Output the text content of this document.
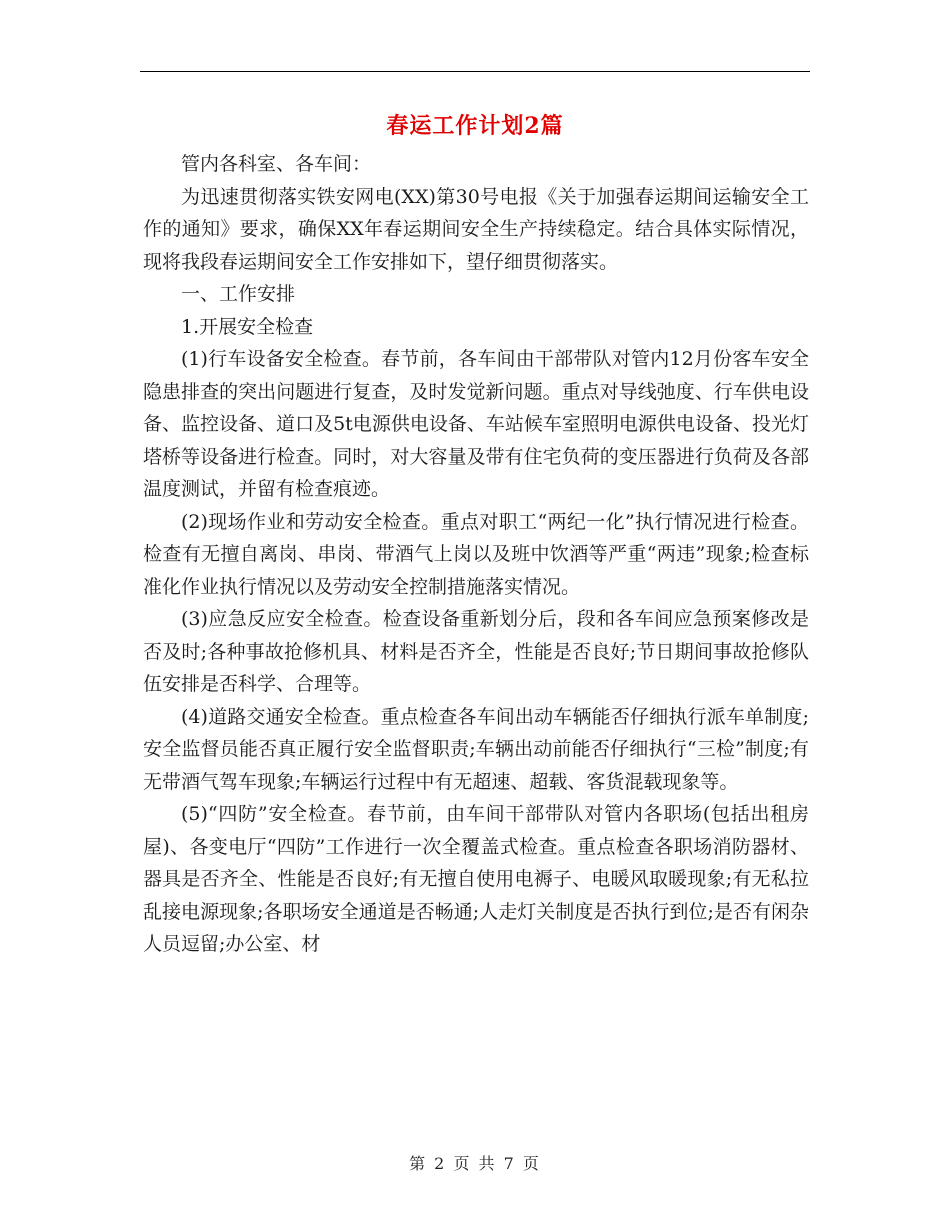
春运工作计划2篇

管内各科室、各车间：

为迅速贯彻落实铁安网电(XX)第30号电报《关于加强春运期间运输安全工作的通知》要求，确保XX年春运期间安全生产持续稳定。结合具体实际情况，现将我段春运期间安全工作安排如下，望仔细贯彻落实。

一、工作安排

1.开展安全检查

(1)行车设备安全检查。春节前，各车间由干部带队对管内12月份客车安全隐患排查的突出问题进行复查，及时发觉新问题。重点对导线弛度、行车供电设备、监控设备、道口及5t电源供电设备、车站候车室照明电源供电设备、投光灯塔桥等设备进行检查。同时，对大容量及带有住宅负荷的变压器进行负荷及各部温度测试，并留有检查痕迹。

(2)现场作业和劳动安全检查。重点对职工“两纪一化”执行情况进行检查。检查有无擅自离岗、串岗、带酒气上岗以及班中饮酒等严重“两违”现象;检查标准化作业执行情况以及劳动安全控制措施落实情况。

(3)应急反应安全检查。检查设备重新划分后，段和各车间应急预案修改是否及时;各种事故抢修机具、材料是否齐全，性能是否良好;节日期间事故抢修队伍安排是否科学、合理等。

(4)道路交通安全检查。重点检查各车间出动车辆能否仔细执行派车单制度;安全监督员能否真正履行安全监督职责;车辆出动前能否仔细执行“三检”制度;有无带酒气驾车现象;车辆运行过程中有无超速、超载、客货混载现象等。

(5)“四防”安全检查。春节前，由车间干部带队对管内各职场(包括出租房屋)、各变电厅“四防”工作进行一次全覆盖式检查。重点检查各职场消防器材、器具是否齐全、性能是否良好;有无擅自使用电褥子、电暖风取暖现象;有无私拉乱接电源现象;各职场安全通道是否畅通;人走灯关制度是否执行到位;是否有闲杂人员逗留;办公室、材

第 2 页 共 7 页
